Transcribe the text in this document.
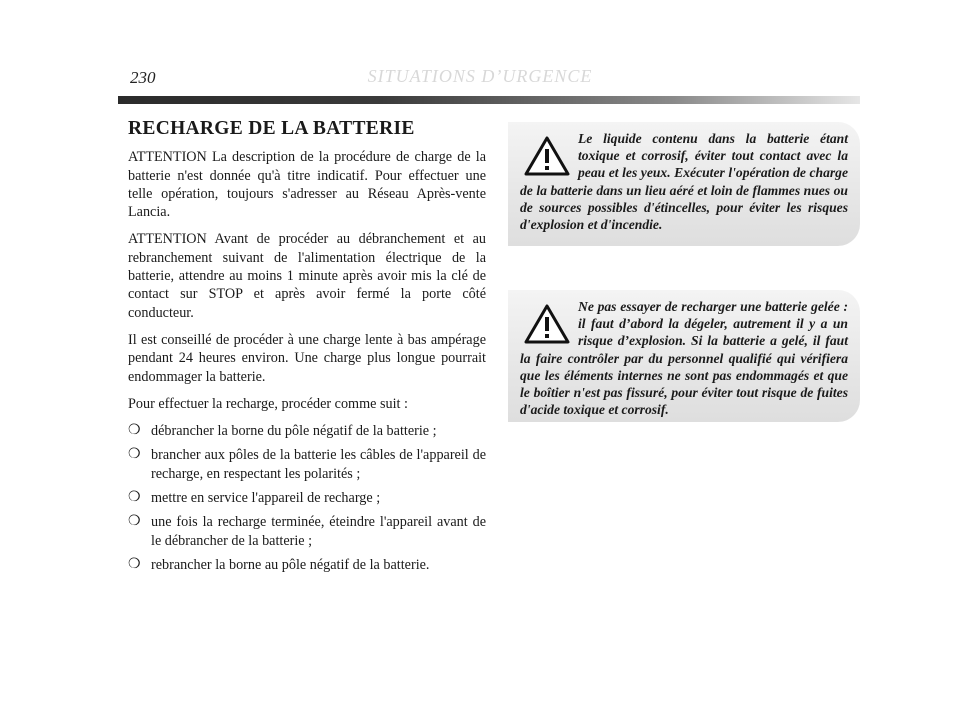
230	SITUATIONS D’URGENCE
RECHARGE DE LA BATTERIE

ATTENTION La description de la procédure de charge de la batterie n'est donnée qu'à titre indicatif. Pour effectuer une telle opération, toujours s'adresser au Réseau Après-vente Lancia.

ATTENTION Avant de procéder au débranchement et au rebranchement suivant de l'alimentation électrique de la batterie, attendre au moins 1 minute après avoir mis la clé de contact sur STOP et après avoir fermé la porte côté conducteur.

Il est conseillé de procéder à une charge lente à bas ampérage pendant 24 heures environ. Une charge plus longue pourrait endommager la batterie.

Pour effectuer la recharge, procéder comme suit :

❍ débrancher la borne du pôle négatif de la batterie ;
❍ brancher aux pôles de la batterie les câbles de l'appareil de recharge, en respectant les polarités ;
❍ mettre en service l'appareil de recharge ;
❍ une fois la recharge terminée, éteindre l'appareil avant de le débrancher de la batterie ;
❍ rebrancher la borne au pôle négatif de la batterie.
Le liquide contenu dans la batterie étant toxique et corrosif, éviter tout contact avec la peau et les yeux. Exécuter l'opération de charge de la batterie dans un lieu aéré et loin de flammes nues ou de sources possibles d'étincelles, pour éviter les risques d'explosion et d'incendie.
Ne pas essayer de recharger une batterie gelée : il faut d’abord la dégeler, autrement il y a un risque d’explosion. Si la batterie a gelé, il faut la faire contrôler par du personnel qualifié qui vérifiera que les éléments internes ne sont pas endommagés et que le boîtier n'est pas fissuré, pour éviter tout risque de fuites d'acide toxique et corrosif.
